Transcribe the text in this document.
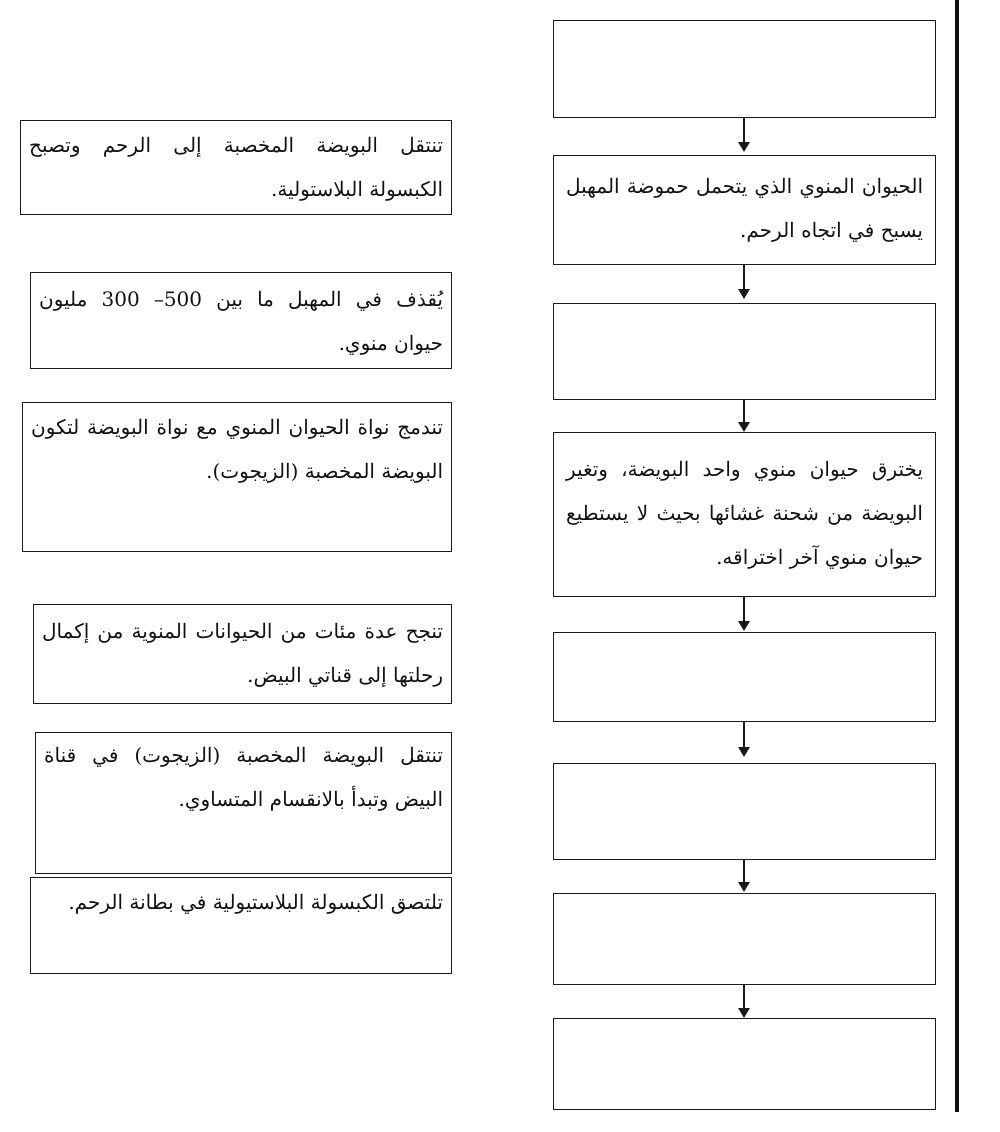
تنتقل البويضة المخصبة إلى الرحم وتصبح الكبسولة البلاستولية.
يُقذف في المهبل ما بين 500– 300 مليون حيوان منوي.
تندمج نواة الحيوان المنوي مع نواة البويضة لتكون البويضة المخصبة (الزيجوت).
تنجح عدة مئات من الحيوانات المنوية من إكمال رحلتها إلى قناتي البيض.
تنتقل البويضة المخصبة (الزيجوت) في قناة البيض وتبدأ بالانقسام المتساوي.
تلتصق الكبسولة البلاستيولية في بطانة الرحم.
الحيوان المنوي الذي يتحمل حموضة المهبل يسبح في اتجاه الرحم.
يخترق حيوان منوي واحد البويضة، وتغير البويضة من شحنة غشائها بحيث لا يستطيع حيوان منوي آخر اختراقه.
